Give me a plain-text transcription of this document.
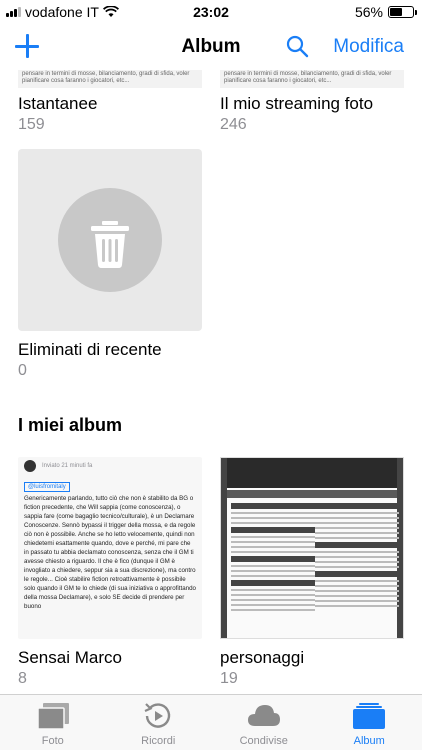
vodafone IT	23:02	56%
Album	Modifica
pensare in termini di mosse, bilanciamento, gradi di sfida, voler pianificare cosa faranno i giocatori, etc...
pensare in termini di mosse, bilanciamento, gradi di sfida, voler pianificare cosa faranno i giocatori, etc...
Istantanee
159
Il mio streaming foto
246
Eliminati di recente
0
I miei album
Inviato 21 minuti fa
@luisfromitaly
Genericamente parlando, tutto ciò che non è stabilito da BG o fiction precedente, che Will sappia (come conoscenza), o sappia fare (come bagaglio tecnico/culturale), è un Declamare Conoscenze. Sennò bypassi il trigger della mossa, e da regole ciò non è possibile. Anche se ho letto velocemente, quindi non chiedetemi esattamente quando, dove e perché, mi pare che in passato tu abbia declamato conoscenza, senza che il GM ti avesse chiesto a riguardo. Il che è fico (dunque il GM è invogliato a chiedere, seppur sia a sua discrezione), ma contro le regole... Cioè stabilire fiction retroattivamente è possibile solo quando il GM te lo chiede (di sua iniziativa o approfittando della mossa Declamare), e solo SE decide di prendere per buono
Sensai Marco
8
personaggi
19
Foto	Ricordi	Condivise	Album
